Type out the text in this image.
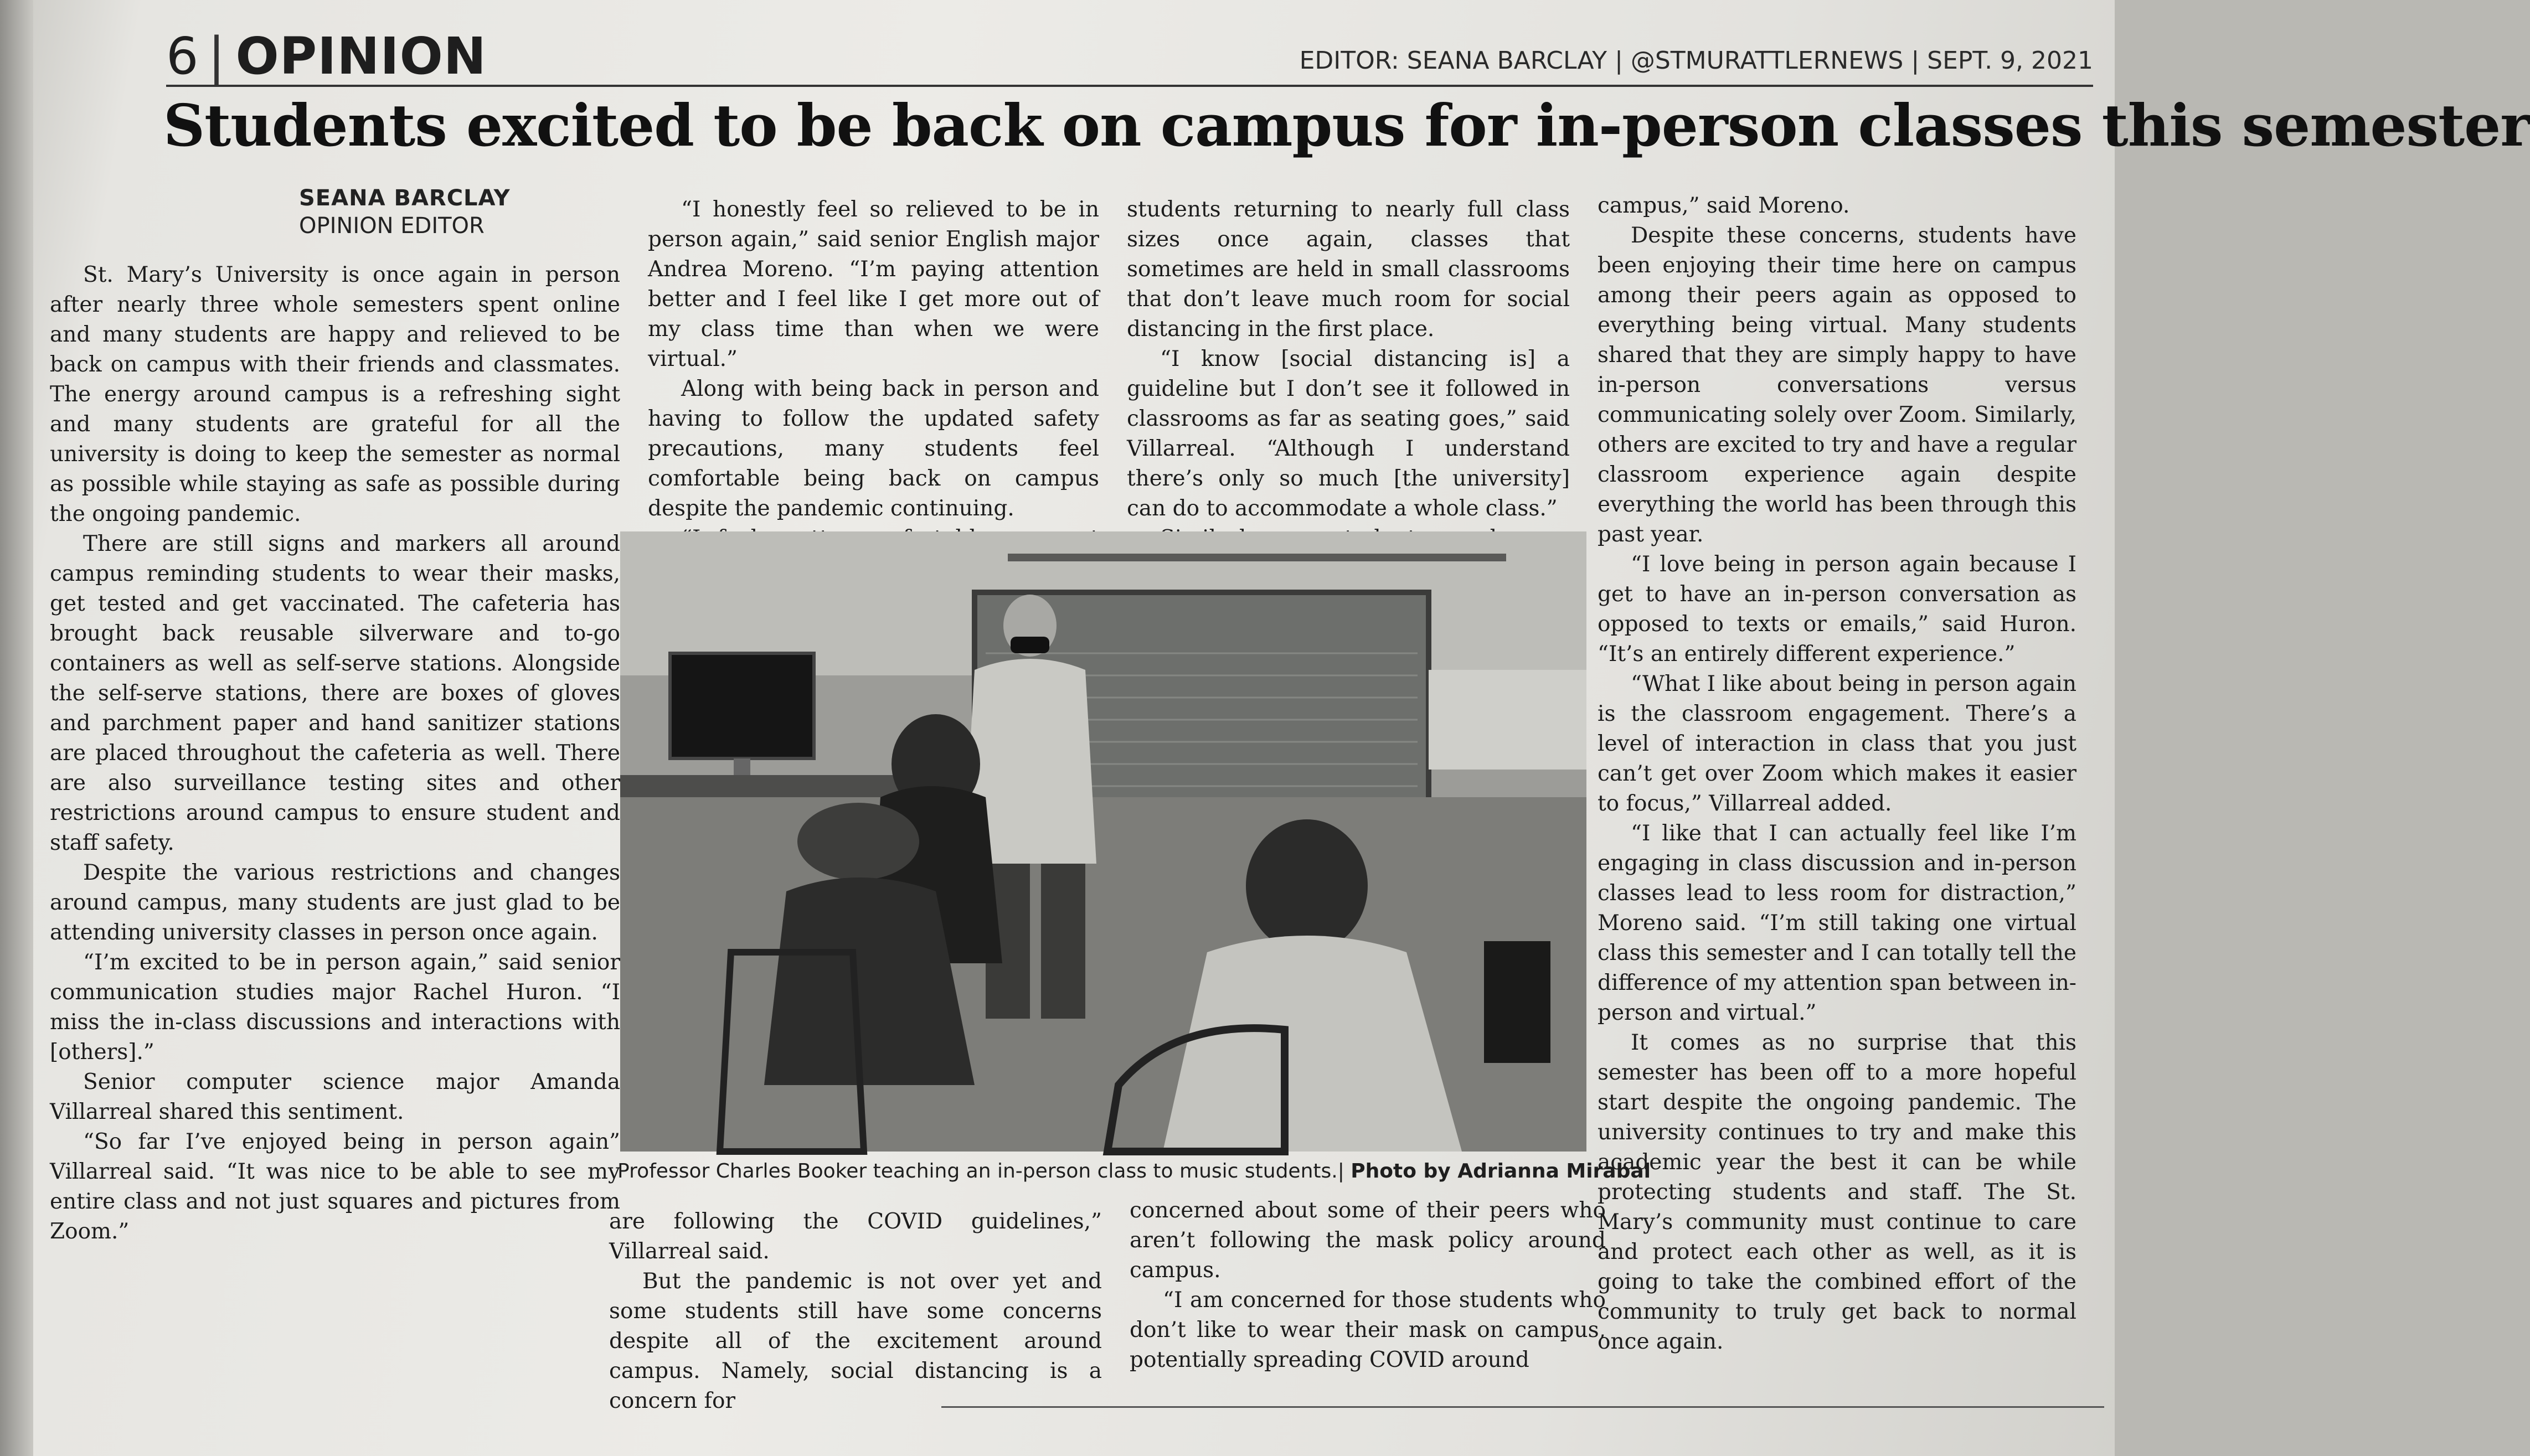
6 | OPINION	EDITOR: SEANA BARCLAY | @STMURATTLERNEWS | SEPT. 9, 2021
Students excited to be back on campus for in-person classes this semester
SEANA BARCLAY
OPINION EDITOR

St. Mary’s University is once again in person after nearly three whole semesters spent online and many students are happy and relieved to be back on campus with their friends and classmates. The energy around campus is a refreshing sight and many students are grateful for all the university is doing to keep the semester as normal as possible while staying as safe as possible during the ongoing pandemic.

There are still signs and markers all around campus reminding students to wear their masks, get tested and get vaccinated. The cafeteria has brought back reusable silverware and to-go containers as well as self-serve stations. Alongside the self-serve stations, there are boxes of gloves and parchment paper and hand sanitizer stations are placed throughout the cafeteria as well. There are also surveillance testing sites and other restrictions around campus to ensure student and staff safety.

Despite the various restrictions and changes around campus, many students are just glad to be attending university classes in person once again.

“I’m excited to be in person again,” said senior communication studies major Rachel Huron. “I miss the in-class discussions and interactions with [others].”

Senior computer science major Amanda Villarreal shared this sentiment.

“So far I’ve enjoyed being in person again” Villarreal said. “It was nice to be able to see my entire class and not just squares and pictures from Zoom.”

“I honestly feel so relieved to be in person again,” said senior English major Andrea Moreno. “I’m paying attention better and I feel like I get more out of my class time than when we were virtual.”

Along with being back in person and having to follow the updated safety precautions, many students feel comfortable being back on campus despite the pandemic continuing.

students returning to nearly full class sizes once again, classes that sometimes are held in small classrooms that don’t leave much room for social distancing in the first place.

“I know [social distancing is] a guideline but I don’t see it followed in classrooms as far as seating goes,” said Villarreal. “Although I understand there’s only so much [the university] can do to accommodate a whole class.”

campus,” said Moreno.

Despite these concerns, students have been enjoying their time here on campus among their peers again as opposed to everything being virtual. Many students shared that they are simply happy to have in-person conversations versus communicating solely over Zoom. Similarly, others are excited to try and have a regular classroom experience again despite everything the world has been through this past year.

“I love being in person again because I get to have an in-person conversation as opposed to texts or emails,” said Huron. “It’s an entirely different experience.”

“What I like about being in person again is the classroom engagement. There’s a level of interaction in class that you just can’t get over Zoom which makes it easier to focus,” Villarreal added.

“I like that I can actually feel like I’m engaging in class discussion and in-person classes lead to less room for distraction,” Moreno said. “I’m still taking one virtual class this semester and I can totally tell the difference of my attention span between in-person and virtual.”

It comes as no surprise that this semester has been off to a more hopeful start despite the ongoing pandemic. The university continues to try and make this academic year the best it can be while protecting students and staff. The St. Mary’s community must continue to care and protect each other as well, as it is going to take the combined effort of the community to truly get back to normal once again.

Professor Charles Booker teaching an in-person class to music students.| Photo by Adrianna Mirabal

are following the COVID guidelines,” Villarreal said.

But the pandemic is not over yet and some students still have some concerns despite all of the excitement around campus. Namely, social distancing is a concern for

concerned about some of their peers who aren’t following the mask policy around campus.

“I am concerned for those students who don’t like to wear their mask on campus, potentially spreading COVID around
